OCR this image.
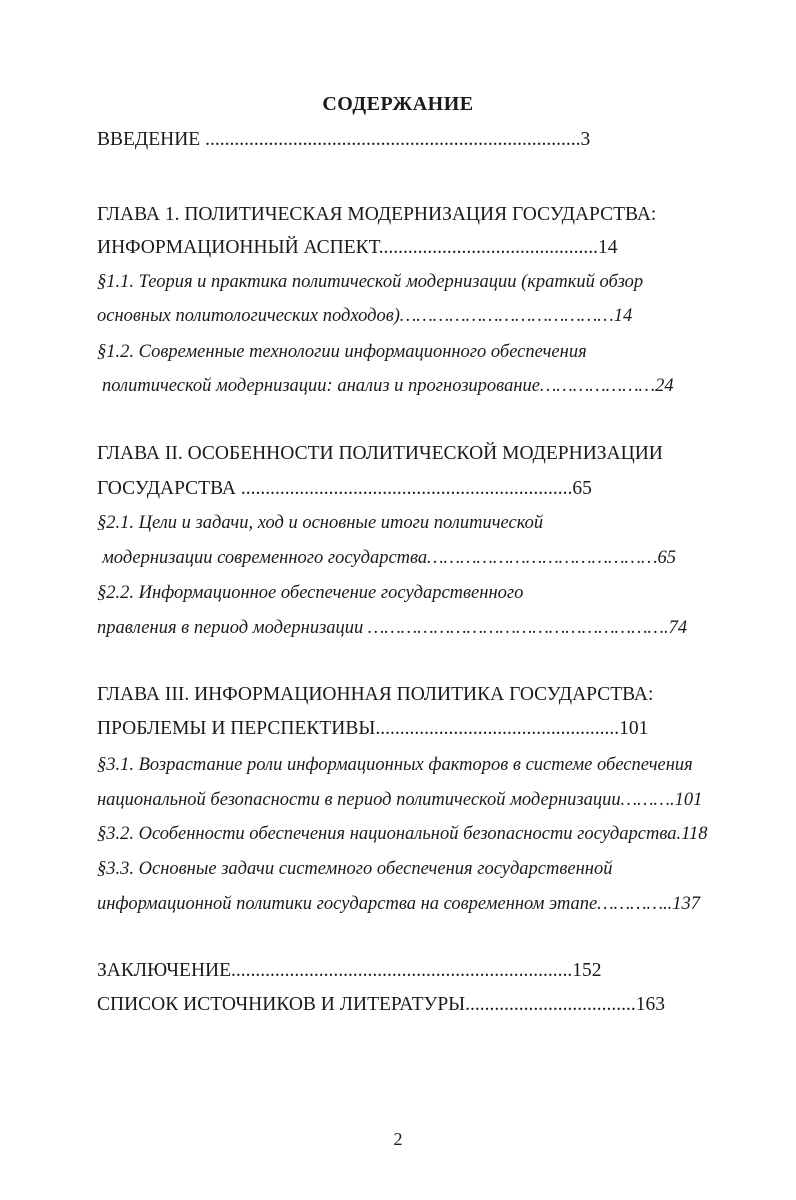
СОДЕРЖАНИЕ
ВВЕДЕНИЕ .............................................................................3
ГЛАВА 1. ПОЛИТИЧЕСКАЯ МОДЕРНИЗАЦИЯ ГОСУДАРСТВА:
ИНФОРМАЦИОННЫЙ АСПЕКТ.............................................14
§1.1. Теория и практика политической модернизации (краткий обзор
основных политологических подходов)…………………………………14
§1.2. Современные технологии информационного обеспечения
политической модернизации: анализ и прогнозирование…………………24
ГЛАВА II. ОСОБЕННОСТИ ПОЛИТИЧЕСКОЙ МОДЕРНИЗАЦИИ
ГОСУДАРСТВА ....................................................................65
§2.1. Цели и задачи, ход и основные итоги политической
модернизации современного государства……………………………………65
§2.2. Информационное обеспечение государственного
правления в период модернизации ……………………………………………….74
ГЛАВА III. ИНФОРМАЦИОННАЯ ПОЛИТИКА ГОСУДАРСТВА:
ПРОБЛЕМЫ И ПЕРСПЕКТИВЫ..................................................101
§3.1. Возрастание роли информационных факторов в системе обеспечения
национальной безопасности в период политической модернизации……….101
§3.2. Особенности обеспечения национальной безопасности государства.118
§3.3. Основные задачи системного обеспечения государственной
информационной политики государства на современном этапе…………..137
ЗАКЛЮЧЕНИЕ......................................................................152
СПИСОК ИСТОЧНИКОВ И ЛИТЕРАТУРЫ...................................163
2
